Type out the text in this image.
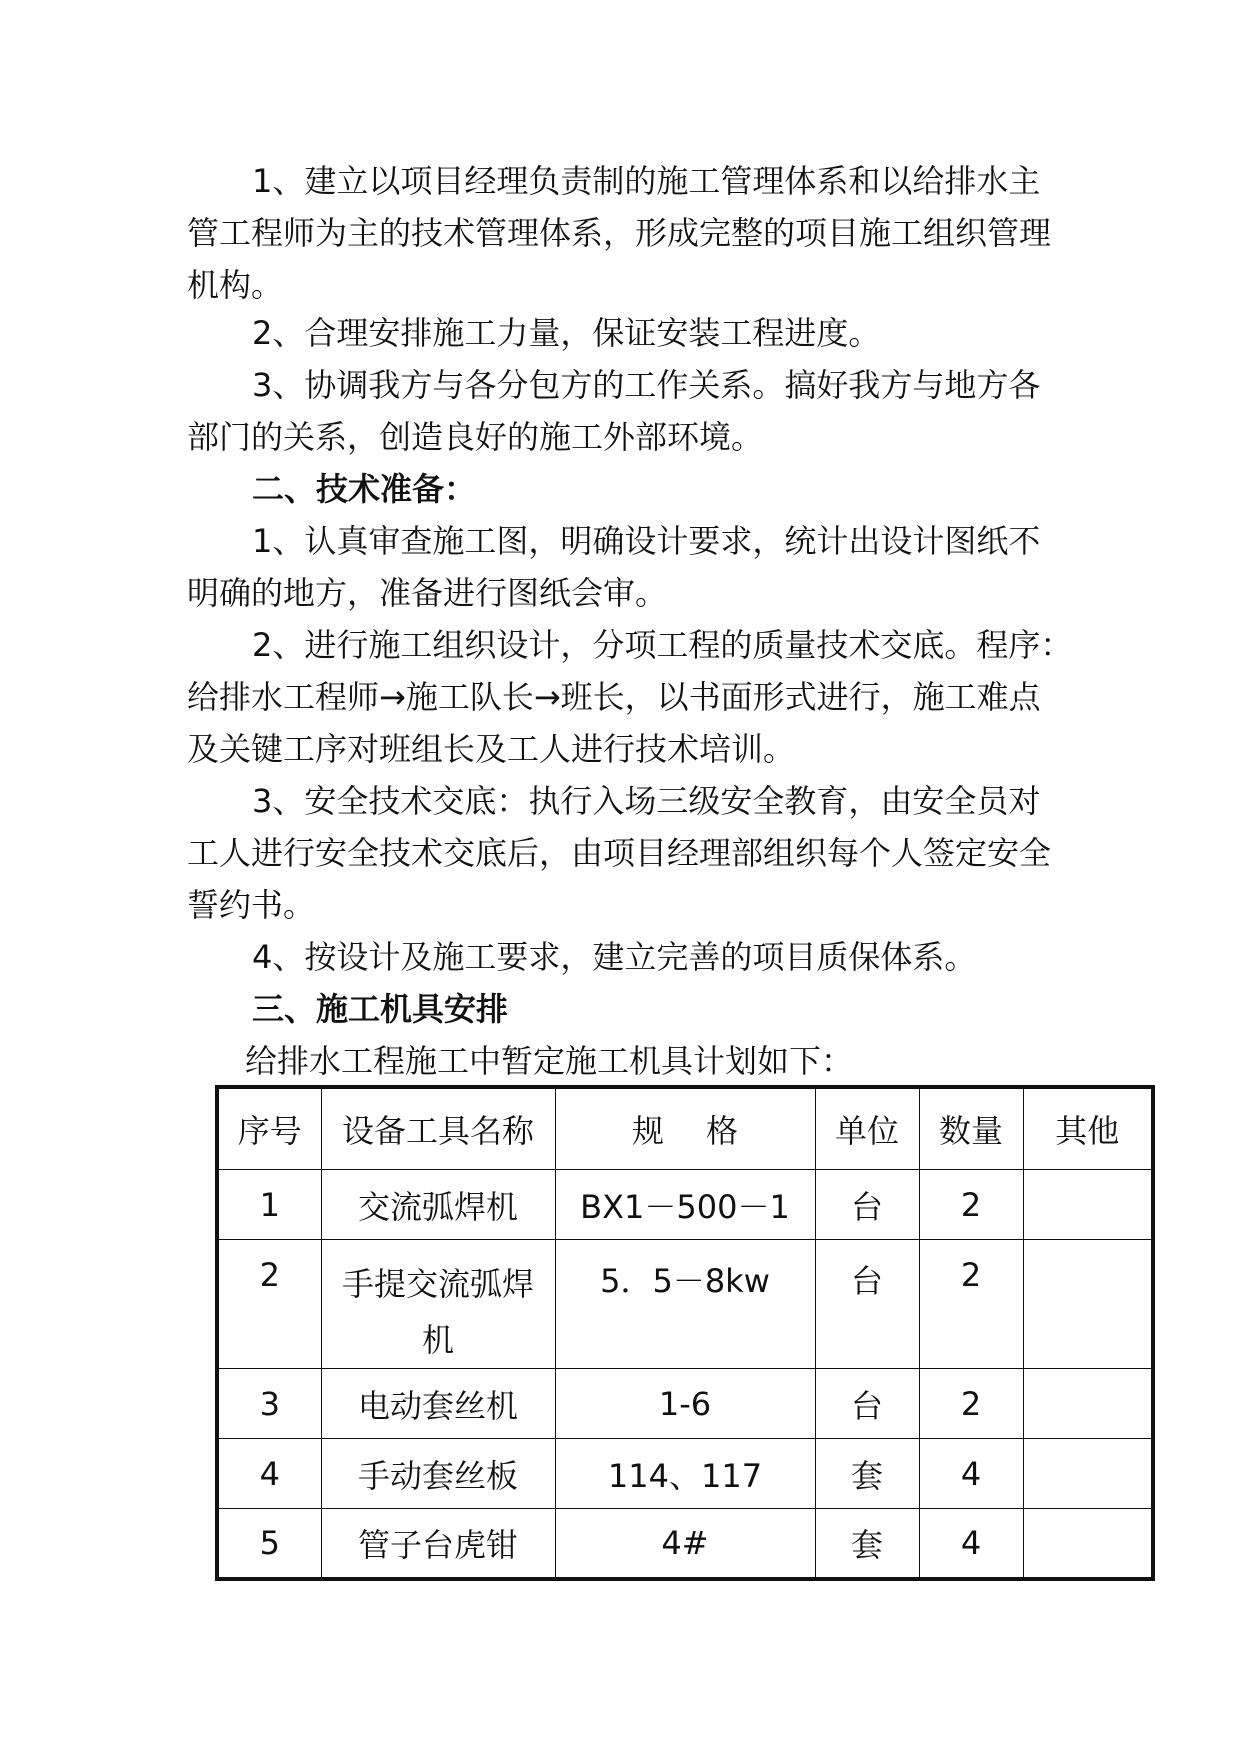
1、建立以项目经理负责制的施工管理体系和以给排水主
管工程师为主的技术管理体系，形成完整的项目施工组织管理
机构。
2、合理安排施工力量，保证安装工程进度。
3、协调我方与各分包方的工作关系。搞好我方与地方各
部门的关系，创造良好的施工外部环境。
二、技术准备：
1、认真审查施工图，明确设计要求，统计出设计图纸不
明确的地方，准备进行图纸会审。
2、进行施工组织设计，分项工程的质量技术交底。程序：
给排水工程师→施工队长→班长，以书面形式进行，施工难点
及关键工序对班组长及工人进行技术培训。
3、安全技术交底：执行入场三级安全教育，由安全员对
工人进行安全技术交底后，由项目经理部组织每个人签定安全
誓约书。
4、按设计及施工要求，建立完善的项目质保体系。
三、施工机具安排
给排水工程施工中暂定施工机具计划如下：
序号	设备工具名称	规格	单位	数量	其他
1	交流弧焊机	BX1－500－1	台	2	
2	手提交流弧焊
机	5．5－8kw	台	2	
3	电动套丝机	1-6	台	2	
4	手动套丝板	114、117	套	4	
5	管子台虎钳	4#	套	4	
